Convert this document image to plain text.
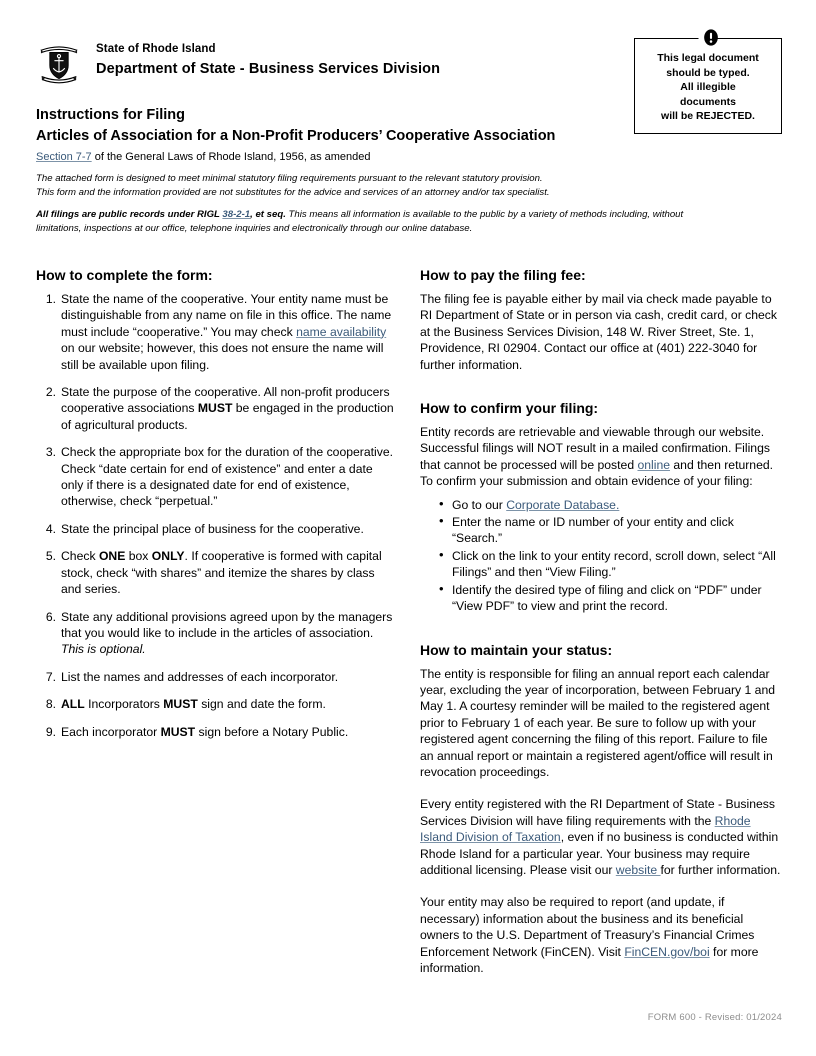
State of Rhode Island
Department of State - Business Services Division
This legal document
should be typed.
All illegible
documents
will be REJECTED.
Instructions for Filing
Articles of Association for a Non-Profit Producers’ Cooperative Association
Section 7-7 of the General Laws of Rhode Island, 1956, as amended
The attached form is designed to meet minimal statutory filing requirements pursuant to the relevant statutory provision.
This form and the information provided are not substitutes for the advice and services of an attorney and/or tax specialist.
All filings are public records under RIGL 38-2-1, et seq. This means all information is available to the public by a variety of methods including, without limitations, inspections at our office, telephone inquiries and electronically through our online database.
How to complete the form:
State the name of the cooperative. Your entity name must be distinguishable from any name on file in this office. The name must include “cooperative.” You may check name availability on our website; however, this does not ensure the name will still be available upon filing.
State the purpose of the cooperative. All non-profit producers cooperative associations MUST be engaged in the production of agricultural products.
Check the appropriate box for the duration of the cooperative. Check “date certain for end of existence” and enter a date only if there is a designated date for end of existence, otherwise, check “perpetual.”
State the principal place of business for the cooperative.
Check ONE box ONLY. If cooperative is formed with capital stock, check “with shares” and itemize the shares by class and series.
State any additional provisions agreed upon by the managers that you would like to include in the articles of association. This is optional.
List the names and addresses of each incorporator.
ALL Incorporators MUST sign and date the form.
Each incorporator MUST sign before a Notary Public.
How to pay the filing fee:

The filing fee is payable either by mail via check made payable to RI Department of State or in person via cash, credit card, or check at the Business Services Division, 148 W. River Street, Ste. 1, Providence, RI 02904. Contact our office at (401) 222-3040 for further information.

How to confirm your filing:

Entity records are retrievable and viewable through our website. Successful filings will NOT result in a mailed confirmation. Filings that cannot be processed will be posted online and then returned. To confirm your submission and obtain evidence of your filing:

• Go to our Corporate Database.
• Enter the name or ID number of your entity and click “Search.”
• Click on the link to your entity record, scroll down, select “All Filings” and then “View Filing.”
• Identify the desired type of filing and click on “PDF” under “View PDF” to view and print the record.
How to maintain your status:

The entity is responsible for filing an annual report each calendar year, excluding the year of incorporation, between February 1 and May 1. A courtesy reminder will be mailed to the registered agent prior to February 1 of each year. Be sure to follow up with your registered agent concerning the filing of this report. Failure to file an annual report or maintain a registered agent/office will result in revocation proceedings.

Every entity registered with the RI Department of State - Business Services Division will have filing requirements with the Rhode Island Division of Taxation, even if no business is conducted within Rhode Island for a particular year. Your business may require additional licensing. Please visit our website for further information.

Your entity may also be required to report (and update, if necessary) information about the business and its beneficial owners to the U.S. Department of Treasury’s Financial Crimes Enforcement Network (FinCEN). Visit FinCEN.gov/boi for more information.

FORM 600 - Revised: 01/2024
